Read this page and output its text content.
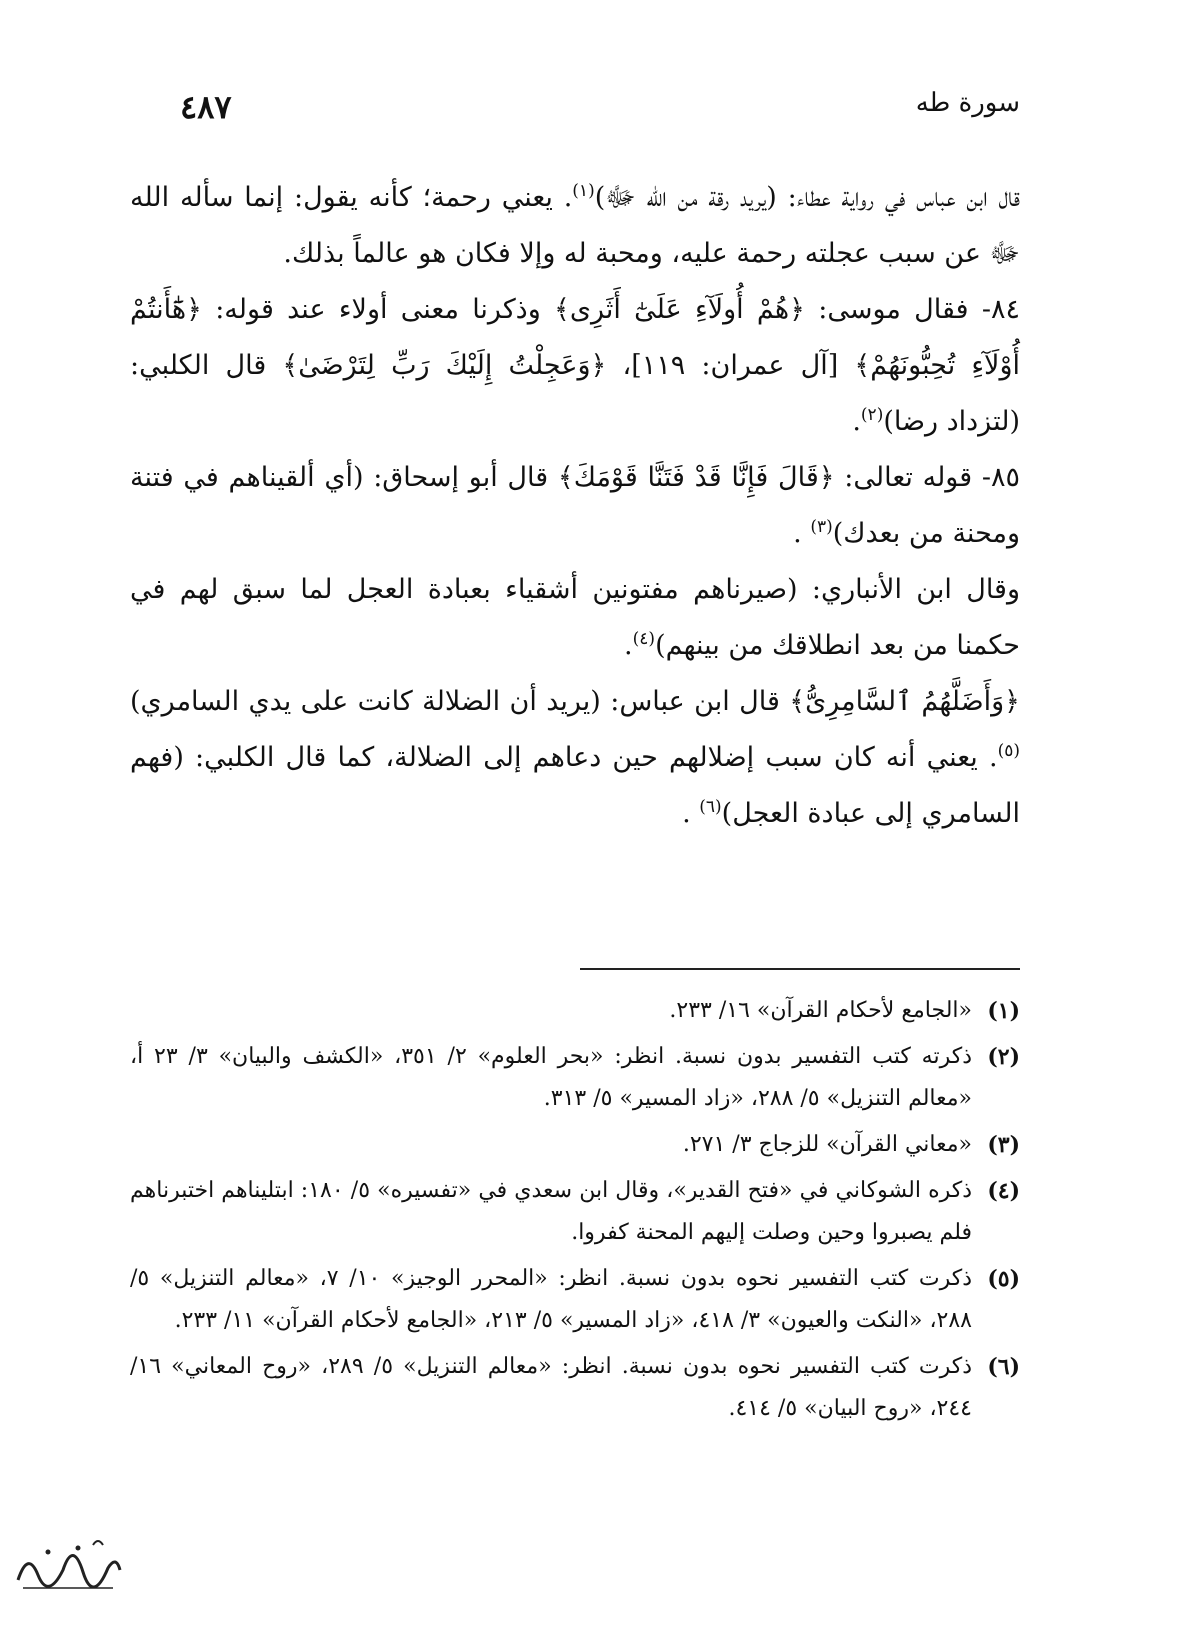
٤٨٧	سورة طه

قال ابن عباس في رواية عطاء: (يريد رقة من الله ﷻ)$^{(١)}$. يعني رحمة؛ كأنه يقول: إنما سأله الله ﷻ عن سبب عجلته رحمة عليه، ومحبة له وإلا فكان هو عالماً بذلك.

٨٤- فقال موسى: ﴿هُمْ أُولَآءِ عَلَىٰٓ أَثَرِى﴾ وذكرنا معنى أولاء عند قوله: ﴿هَٰٓأَنتُمْ أُوْلَآءِ تُحِبُّونَهُمْ﴾ [آل عمران: ١١٩]، ﴿وَعَجِلْتُ إِلَيْكَ رَبِّ لِتَرْضَىٰ﴾ قال الكلبي: (لتزداد رضا)$^{(٢)}$.

٨٥- قوله تعالى: ﴿قَالَ فَإِنَّا قَدْ فَتَنَّا قَوْمَكَ﴾ قال أبو إسحاق: (أي ألقيناهم في فتنة ومحنة من بعدك)$^{(٣)}$ .

وقال ابن الأنباري: (صيرناهم مفتونين أشقياء بعبادة العجل لما سبق لهم في حكمنا من بعد انطلاقك من بينهم)$^{(٤)}$.

﴿وَأَضَلَّهُمُ ٱلسَّامِرِىُّ﴾ قال ابن عباس: (يريد أن الضلالة كانت على يدي السامري)$^{(٥)}$. يعني أنه كان سبب إضلالهم حين دعاهم إلى الضلالة، كما قال الكلبي: (فهم السامري إلى عبادة العجل)$^{(٦)}$ .

(١)
«الجامع لأحكام القرآن» ١٦/ ٢٣٣.
(٢)
ذكرته كتب التفسير بدون نسبة. انظر: «بحر العلوم» ٢/ ٣٥١، «الكشف والبيان» ٣/ ٢٣ أ، «معالم التنزيل» ٥/ ٢٨٨، «زاد المسير» ٥/ ٣١٣.
(٣)
«معاني القرآن» للزجاج ٣/ ٢٧١.
(٤)
ذكره الشوكاني في «فتح القدير»، وقال ابن سعدي في «تفسيره» ٥/ ١٨٠: ابتليناهم اختبرناهم فلم يصبروا وحين وصلت إليهم المحنة كفروا.
(٥)
ذكرت كتب التفسير نحوه بدون نسبة. انظر: «المحرر الوجيز» ١٠/ ٧، «معالم التنزيل» ٥/ ٢٨٨، «النكت والعيون» ٣/ ٤١٨، «زاد المسير» ٥/ ٢١٣، «الجامع لأحكام القرآن» ١١/ ٢٣٣.
(٦)
ذكرت كتب التفسير نحوه بدون نسبة. انظر: «معالم التنزيل» ٥/ ٢٨٩، «روح المعاني» ١٦/ ٢٤٤، «روح البيان» ٥/ ٤١٤.
